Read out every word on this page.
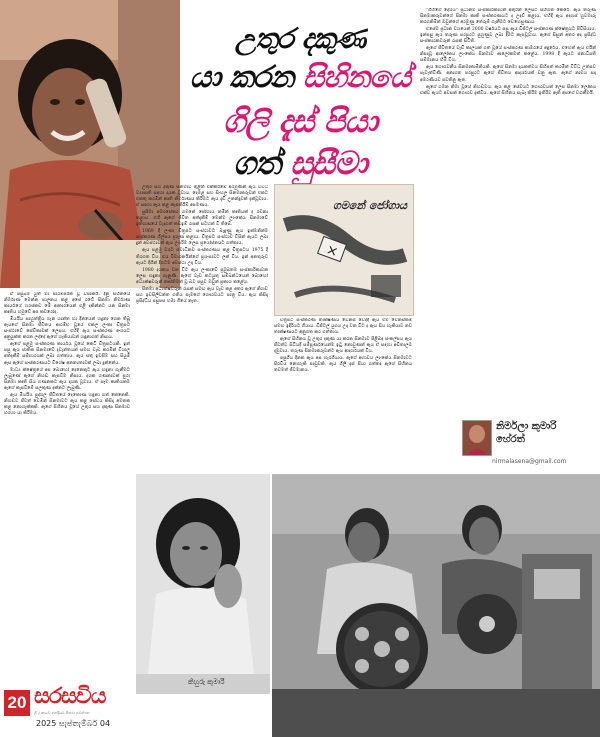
උතුර දකුණ
යා කරන සිහිනයේ
ගිලි දැස් පියා
ගත් සුසීමා

ඒ පසුබිම යුත් මා පාරම්පරික වූ විපාකයි. දිනු සිහිනයේ නිර්මාණ මෙන්න පාලනය කළ අපේ රටේ සිනමා නිර්මාණ කාර්යයේ හරස්කඩ මේ ආකාරයෙන් එළි දකින්නට යන සිනමා කෘතිය හමුවේ අප කවරෝද.

මියයිය සාහුත්‍ත්‍රිය ගැන ශාන්ත හා දිනයෙන් හදුනා ගෙන තිබූ ඇයගේ සිනමා ජීවිතය ආරම්භ වූයේ එකල ලංකා චිත්‍රපට සංස්ථාවේ සේවිකාවක් ලෙසය. එහිදී ඇය සංස්කරණ අංශයට අනුයුක්ත කරන ලද්දේ ඇගේ හැකියාවන් හඳුනාගත් නිසාය.

ඇගේ පළමු සංස්කරණ කාර්යය වූයේ කෙටි චිත්‍රපටයකි. ඉන් පසු ඇය ජාතික සිනමාවේ දැවැන්තයන් සමඟ වැඩ කරමින් විශාල අත්දැකීම් සම්භාරයක් ලබා ගත්තාය. ඇය සතු ඉවසීම සහ සියුම් ඇස ඇගේ සංස්කරණයට විශේෂ අනන්‍යතාවක් ලබා දුන්නේය.

මාධ්‍ය ක්ෂේත්‍රයේ අප බොහෝ දෙනෙකුට ඇය හඳුනා ගැනීමට ලැබුණේ ඇගේ නිහඬ කැපවීම නිසාය. දශක ගණනාවක් පුරා සිනමා කෘති සිය ගණනකට ඇය දායක වූවාය. ඒ සෑම කෘතියකම ඇගේ කැපවීමේ සලකුණ දක්නට ලැබුණි.

ඇය මියයිය පුද්ගල ජීවිතයේ දෙකොණ හඳුනා ගත් කෙනෙකි. නිහඬව ජීවත් වෙමින් සිනමාවට ඇය කළ සේවය කිසිදා අමතක කළ නොහැක්කකි. ඇගේ සිහිනය වූයේ උතුර සහ දකුණ සිනමාව හරහා යා කිරීමය.

උතුර සහ දකුණ සිනමාව තුළින් එක්කිරීමේ අරමුණින් ඇය විවිධ ව්‍යාපෘති සඳහා දායක වූවාය. දෙමළ සහ සිංහල සිනමාකරුවන් එකට එකතු කරමින් කෘති නිර්මාණය කිරීමට ඇය දැඩි උනන්දුවක් දැක්වූවාය. ඒ සඳහා ඇය කළ කැපකිරීම් අපමණය.

සුසීමා අමරසේකර ගමනේ ජෝගාය නමින් කෘතියක් ද රචනා කළාය. එහි ඇගේ ජීවිත අත්දැකීම් මෙන්ම ලාංකේය සිනමාවේ ඉතිහාසයේ වැදගත් කඩඉම් රැසක් සටහන් වී තිබේ.

1969 දී ලංකා චිත්‍රපට සංස්ථාවට බැඳුණු ඇය ඉක්මනින්ම සංස්කරණ ශිල්පය ප්‍රගුණ කළාය. චිත්‍රපට සංස්ථාව විසින් ඇයට ලබා දුන් අවස්ථාවන් ඇය උපරිම ලෙස ප්‍රයෝජනයට ගත්තාය.

ඇය පළමු වරට ස්වාධීනව සංස්කරණය කළ චිත්‍රපටය 1975 දී තිරගත විය. එය විචාරකයින්ගේ ප්‍රශංසාවට ලක් විය. ඉන් අනතුරුව ඇයට දිගින් දිගටම අවස්ථා උදා විය.

1980 දශකය වන විට ඇය ලංකාවේ ප්‍රමුඛතම සංස්කාරිකාවක ලෙස හඳුනා ගැනුණි. ඇගේ වැඩ කටයුතු සම්බන්ධයෙන් බොහෝ අධ්‍යක්ෂවරුන් තෘප්තිමත් වූ බව පසුව ඔවුන් ප්‍රකාශ කළේය.

සිනමා අධ්‍යක්ෂවරුන් රැසක් සමඟ ඇය වැඩ කළ අතර ඇගේ නිහඬ සහ ඉවසිලිවන්ත ගතිය සැමගේ ගෞරවයට පාත්‍ර විය. ඇය කිසිදා ප්‍රසිද්ධිය පසුපස හඹා ගියේ නැත.

ගමනේ ජෝගාය
×

චිත්‍රපට සංස්කරණ තාක්ෂණය වෙනස් වෙද්දී ඇය එම වෙනස්කම් සමඟ ඉදිරියට ගියාය. ඩිජිටල් යුගය උදා වන විට ද ඇය සිය හැකියාව නව තාක්ෂණයට අනුගත කර ගත්තාය.

ඇගේ සිහිනය වූ උතුර දකුණ යා කරන සිනමාව පිළිබඳ සංකල්පය ඇය ජීවත්ව සිටියදී සම්පූර්ණයෙන්ම ඉටු නොවුණත් ඇය ඒ සඳහා අඩිතාලම දැමුවාය. තරුණ සිනමාකරුවන්ට ඇය ආදර්ශයක් විය.

පසුගිය දිනක ඇය අප හැරගියාය. ඇගේ අභාවය ලාංකේය සිනමාවට පිරවිය නොහැකි පාඩුවකි. ඇය ගිලි දැස් පියා ගත්තද ඇගේ සිහිනය තවමත් ජීවමානය.

"ගිහිගේ දේශය" ප්‍රධානම සංස්කාරිකාවන් අතුරින් ලෙසට සිහිගත කෙරේ. ඇය තරුණ සිනමාකරුවන්ගේ සිනමා කෘති සංස්කරණයට ද උදව් කළාය. එහිදී ඇය අදහස් හුවමාරු කරගනිමින් ඔවුන්ගේ අරමුණු තේරුම් ගැනීමට වෙහෙසුණාය.

එසේම ප්‍රධාන වශයෙන් 2000 වර්ෂයට පසු ඇය ඩිජිටල් සංස්කරණ ක්ෂේත්‍රයට පිවිසියාය. ඉන්පසු ඇය තරුණ පරපුරට පුහුණුව ලබා දීමට කැපවූවාය. ඇගේ සිසුන් අතර අද ප්‍රසිද්ධ සංස්කාරකවරුන් රැසක් සිටිති.

ඇගේ ජීවිතයේ වැඩි කාලයක් ගත වූයේ සංස්කරණ කාමරයේ අඳුරේය. එහෙත් ඇය එයින් නිපදවූ ආලෝකය ලාංකේය සිනමාව ආලෝකමත් කළේය. 1998 දී ඇයට ජනාධිපති සම්මානය හිමි විය.

ඇය ගෞරවනීය සිනමාකාමිනියකි. ඇගේ සිනමා දායකත්වය සිහිපත් කරමින් විවිධ උත්සව පැවැත්විණි. අනාගත පරපුරට ඇගේ ජීවිතය ආදර්ශයක් වනු ඇත. ඇගේ නාමය සදා අමරණීයව පවතිනු ඇත.

ඇගේ ගමන නිමා වූයේ නිහඬවය. ඇය කළ සේවයට ගෞරවයක් ලෙස සිනමා ලෝකය එක්ව ඇයට අවසන් ගෞරව දැක්වීය. ඇගේ සිහිනය සැබෑ කිරීම ඉතිරිව ඇති අපගේ වගකීමයි.

නිර්මලා කුමාරි
හේරත්
nirmalasena@gmail.com
කිහුරු කුමාරි
20 සරසවිය
ශ්‍රී ලංකාවේ ජනප්‍රියම සිනමා පුවත්පත
2025 සැප්තැම්බර් 04
